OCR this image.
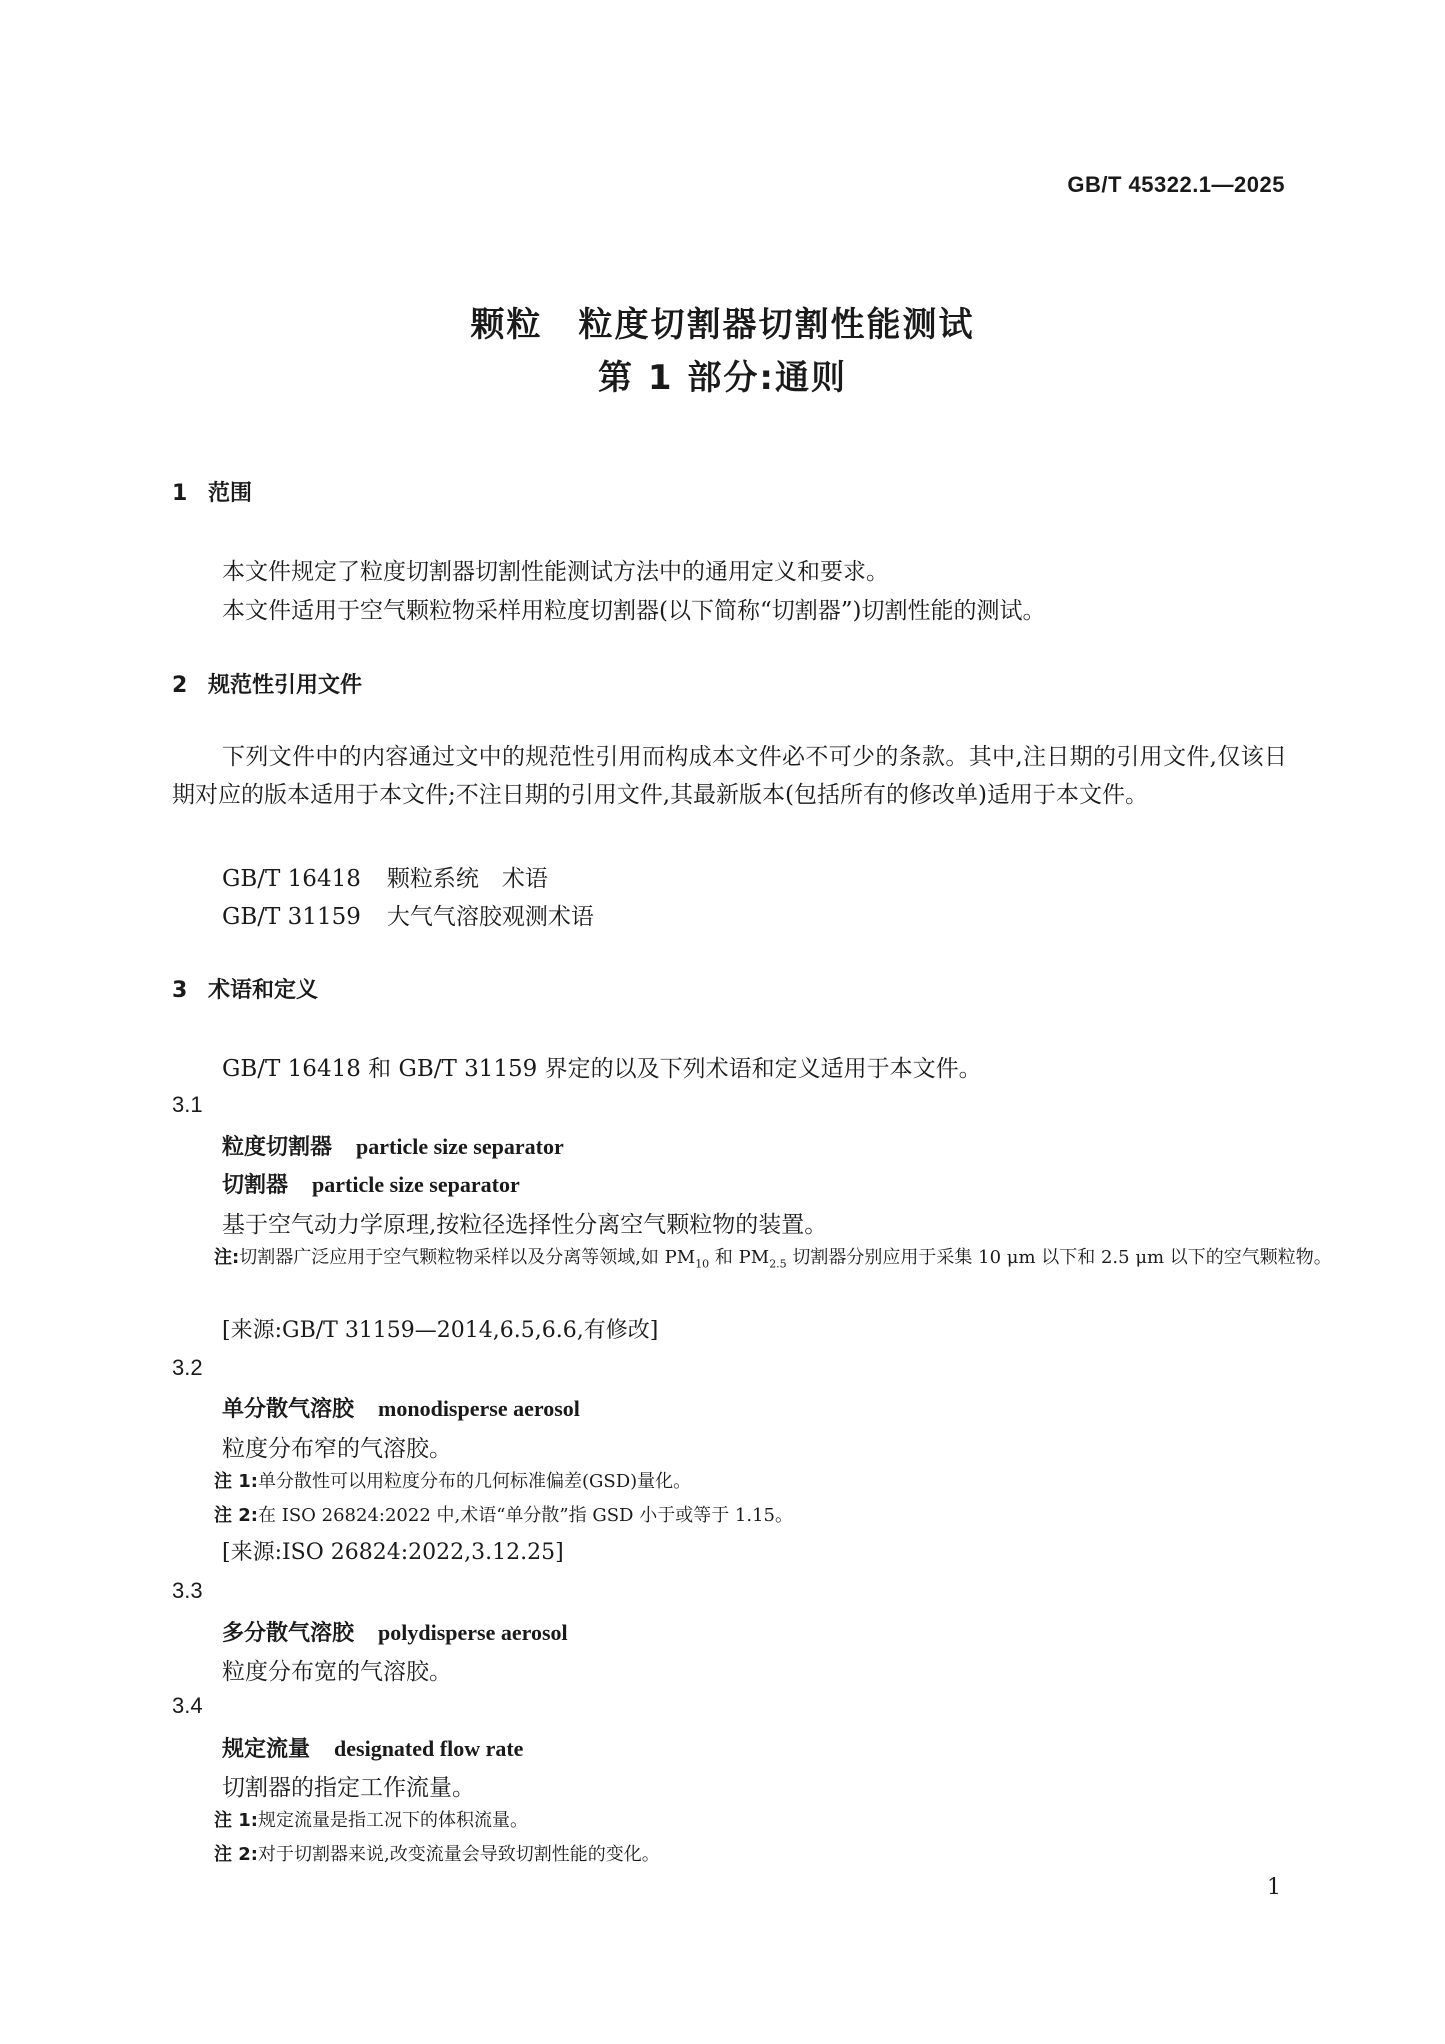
GB/T 45322.1—2025
颗粒　粒度切割器切割性能测试
第 1 部分:通则
1 范围
本文件规定了粒度切割器切割性能测试方法中的通用定义和要求。
本文件适用于空气颗粒物采样用粒度切割器(以下简称“切割器”)切割性能的测试。
2 规范性引用文件
下列文件中的内容通过文中的规范性引用而构成本文件必不可少的条款。其中,注日期的引用文件,仅该日期对应的版本适用于本文件;不注日期的引用文件,其最新版本(包括所有的修改单)适用于本文件。
GB/T 16418 颗粒系统　术语
GB/T 31159 大气气溶胶观测术语
3 术语和定义
GB/T 16418 和 GB/T 31159 界定的以及下列术语和定义适用于本文件。
3.1
粒度切割器 particle size separator
切割器 particle size separator
基于空气动力学原理,按粒径选择性分离空气颗粒物的装置。
注:切割器广泛应用于空气颗粒物采样以及分离等领域,如 $PM_{10}$ 和 $PM_{2.5}$ 切割器分别应用于采集 10 μm 以下和 2.5 μm 以下的空气颗粒物。
[来源:GB/T 31159—2014,6.5,6.6,有修改]
3.2
单分散气溶胶 monodisperse aerosol
粒度分布窄的气溶胶。
注 1:单分散性可以用粒度分布的几何标准偏差(GSD)量化。
注 2:在 ISO 26824:2022 中,术语“单分散”指 GSD 小于或等于 1.15。
[来源:ISO 26824:2022,3.12.25]
3.3
多分散气溶胶 polydisperse aerosol
粒度分布宽的气溶胶。
3.4
规定流量 designated flow rate
切割器的指定工作流量。
注 1:规定流量是指工况下的体积流量。
注 2:对于切割器来说,改变流量会导致切割性能的变化。
1
